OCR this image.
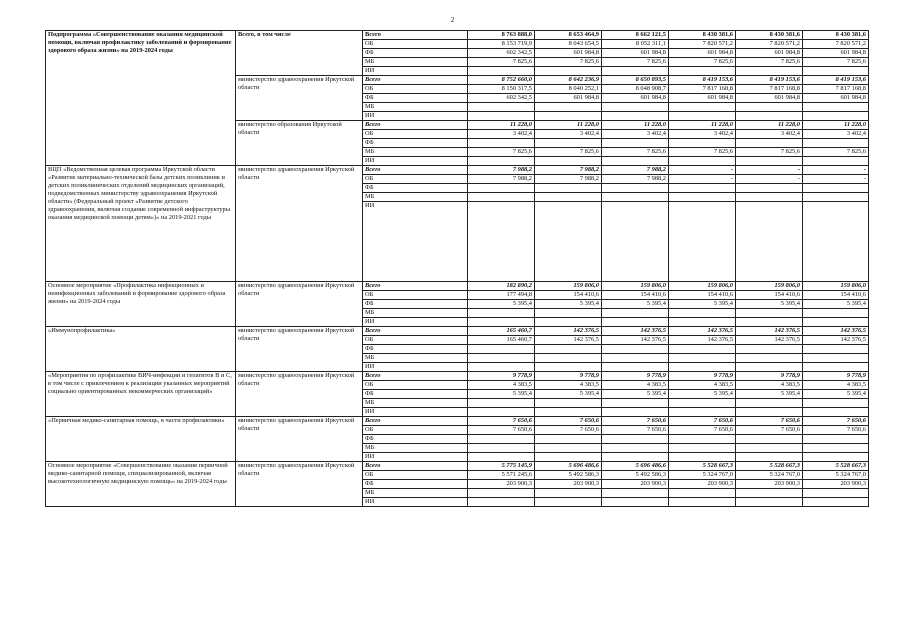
2
Подпрограмма «Совершенствование оказания медицинской помощи, включая профилактику заболеваний и формирование здорового образа жизни» на 2019-2024 годы	Всего, в том числе	Всего	8 763 888,0	8 653 464,9	8 662 121,5	8 430 381,6	8 430 381,6	8 430 381,6
		ОБ	8 153 719,9	8 043 654,5	8 052 311,1	7 820 571,2	7 820 571,2	7 820 571,2
		ФБ	602 342,5	601 984,8	601 984,8	601 984,8	601 984,8	601 984,8
		МБ	7 825,6	7 825,6	7 825,6	7 825,6	7 825,6	7 825,6
		ИИ						
	министерство здравоохранения Иркутской области	Всего	8 752 660,0	8 642 236,9	8 650 893,5	8 419 153,6	8 419 153,6	8 419 153,6
		ОБ	8 150 317,5	8 040 252,1	8 048 908,7	7 817 168,8	7 817 168,8	7 817 168,8
		ФБ	602 342,5	601 984,8	601 984,8	601 984,8	601 984,8	601 984,8
		МБ						
		ИИ						
	министерство образования Иркутской области	Всего	11 228,0	11 228,0	11 228,0	11 228,0	11 228,0	11 228,0
		ОБ	3 402,4	3 402,4	3 402,4	3 402,4	3 402,4	3 402,4
		ФБ						
		МБ	7 825,6	7 825,6	7 825,6	7 825,6	7 825,6	7 825,6
		ИИ						
ВЦП «Ведомственная целевая программа Иркутской области «Развитие материально-технической базы детских поликлиник и детских поликлинических отделений медицинских организаций, подведомственных министерству здравоохранения Иркутской области» (Федеральный проект «Развитие детского здравоохранения, включая создание современной инфраструктуры оказания медицинской помощи детям»)» на 2019-2021 годы	министерство здравоохранения Иркутской области	Всего	7 988,2	7 988,2	7 988,2	-	-	-
		ОБ	7 988,2	7 988,2	7 988,2	-	-	-
		ФБ						
		МБ						
		ИИ						
Основное мероприятие «Профилактика инфекционных и неинфекционных заболеваний и формирование здорового образа жизни» на 2019-2024 годы	министерство здравоохранения Иркутской области	Всего	182 890,2	159 806,0	159 806,0	159 806,0	159 806,0	159 806,0
		ОБ	177 494,8	154 410,6	154 410,6	154 410,6	154 410,6	154 410,6
		ФБ	5 395,4	5 395,4	5 395,4	5 395,4	5 395,4	5 395,4
		МБ						
		ИИ						
«Иммунопрофилактика»	министерство здравоохранения Иркутской области	Всего	165 460,7	142 376,5	142 376,5	142 376,5	142 376,5	142 376,5
		ОБ	165 460,7	142 376,5	142 376,5	142 376,5	142 376,5	142 376,5
		ФБ						
		МБ						
		ИИ						
«Мероприятия по профилактике ВИЧ-инфекции и гепатитов В и С, в том числе с привлечением к реализации указанных мероприятий социально ориентированных некоммерческих организаций»	министерство здравоохранения Иркутской области	Всего	9 778,9	9 778,9	9 778,9	9 778,9	9 778,9	9 778,9
		ОБ	4 383,5	4 383,5	4 383,5	4 383,5	4 383,5	4 383,5
		ФБ	5 395,4	5 395,4	5 395,4	5 395,4	5 395,4	5 395,4
		МБ						
		ИИ						
«Первичная медико-санитарная помощь, в части профилактики»	министерство здравоохранения Иркутской области	Всего	7 650,6	7 650,6	7 650,6	7 650,6	7 650,6	7 650,6
		ОБ	7 650,6	7 650,6	7 650,6	7 650,6	7 650,6	7 650,6
		ФБ						
		МБ						
		ИИ						
Основное мероприятие «Совершенствование оказания первичной медико-санитарной помощи, специализированной, включая высокотехнологичную медицинскую помощь» на 2019-2024 годы	министерство здравоохранения Иркутской области	Всего	5 775 145,9	5 696 486,6	5 696 486,6	5 528 667,3	5 528 667,3	5 528 667,3
		ОБ	5 571 245,6	5 492 586,3	5 492 586,3	5 324 767,0	5 324 767,0	5 324 767,0
		ФБ	203 900,3	203 900,3	203 900,3	203 900,3	203 900,3	203 900,3
		МБ						
		ИИ						
